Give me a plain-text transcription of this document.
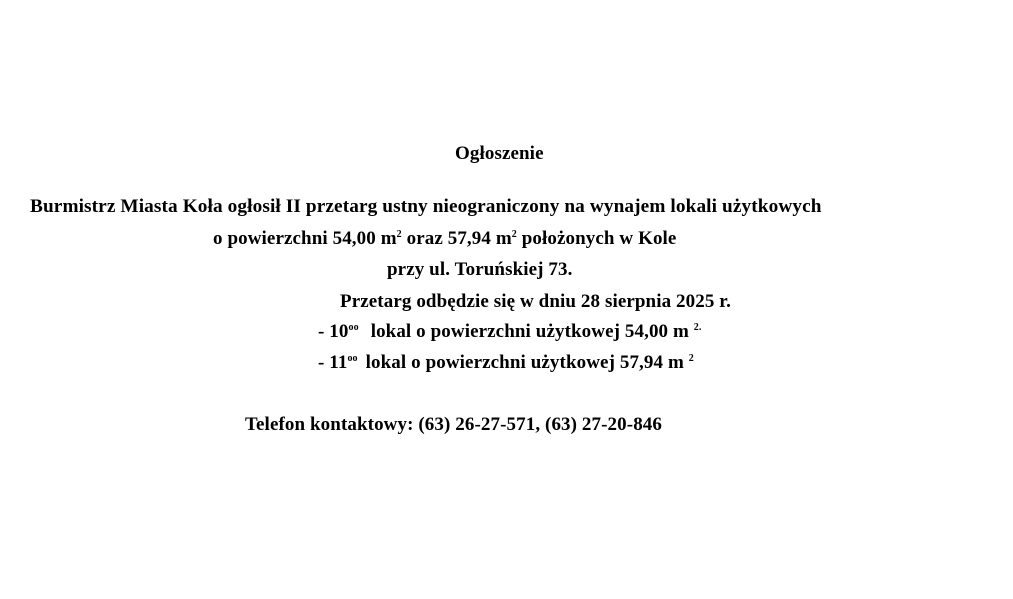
Ogłoszenie
Burmistrz Miasta Koła ogłosił II przetarg ustny nieograniczony na wynajem lokali użytkowych
o powierzchni 54,00 $m^2$ oraz 57,94 $m^2$ położonych w Kole
przy ul. Toruńskiej 73.
Przetarg odbędzie się w dniu 28 sierpnia 2025 r.
- $10^{oo}$ lokal o powierzchni użytkowej 54,00 m $^{2.}$
- $11^{oo}$ lokal o powierzchni użytkowej 57,94 m $^2$
Telefon kontaktowy: (63) 26-27-571, (63) 27-20-846
